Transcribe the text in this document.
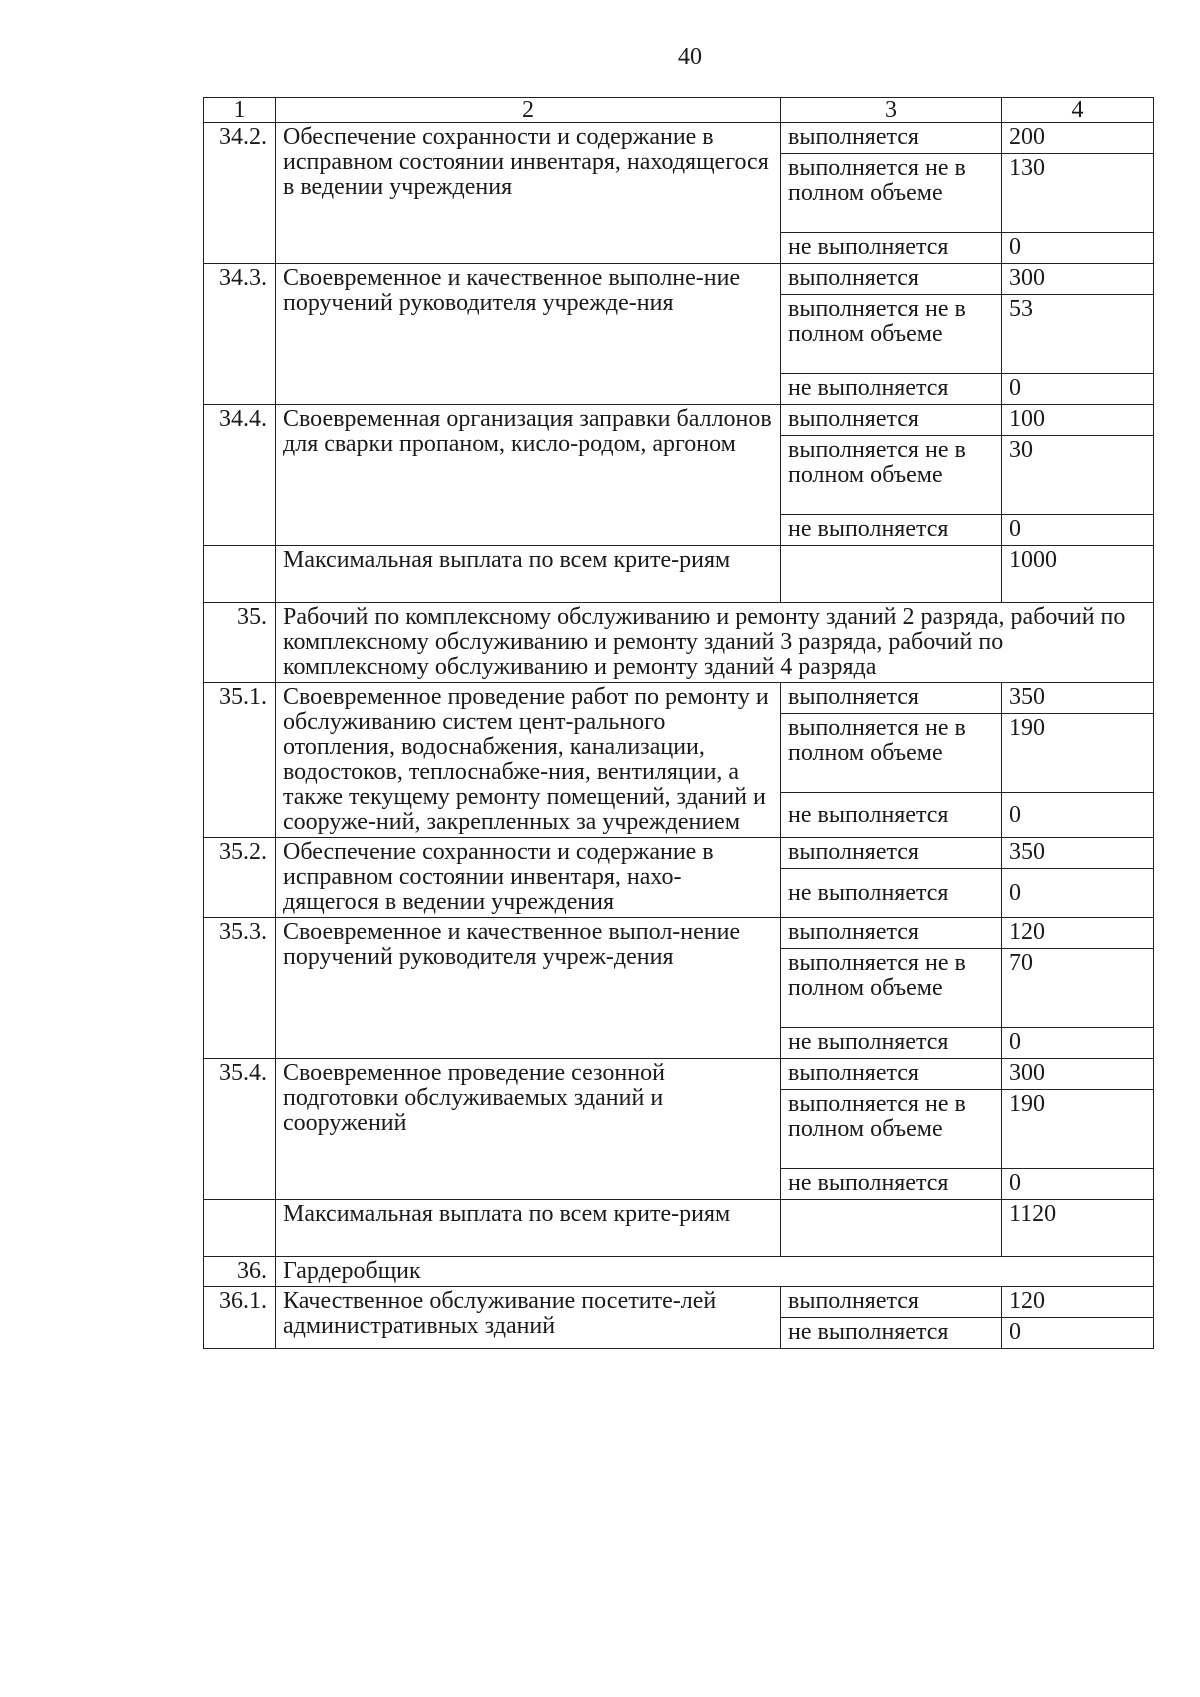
40
1	2	3	4
34.2.	Обеспечение сохранности и содержание в исправном состоянии инвентаря, находящегося в ведении учреждения	выполняется	200
		выполняется не в полном объеме	130
		не выполняется	0
34.3.	Своевременное и качественное выполне-ние поручений руководителя учрежде-ния	выполняется	300
		выполняется не в полном объеме	53
		не выполняется	0
34.4.	Своевременная организация заправки баллонов для сварки пропаном, кисло-родом, аргоном	выполняется	100
		выполняется не в полном объеме	30
		не выполняется	0
	Максимальная выплата по всем крите-риям		1000
35.	Рабочий по комплексному обслуживанию и ремонту зданий 2 разряда, рабочий по комплексному обслуживанию и ремонту зданий 3 разряда, рабочий по комплексному обслуживанию и ремонту зданий 4 разряда		
35.1.	Своевременное проведение работ по ремонту и обслуживанию систем цент-рального отопления, водоснабжения, канализации, водостоков, теплоснабже-ния, вентиляции, а также текущему ремонту помещений, зданий и сооруже-ний, закрепленных за учреждением	выполняется	350
		выполняется не в полном объеме	190
		не выполняется	0
35.2.	Обеспечение сохранности и содержание в исправном состоянии инвентаря, нахо-дящегося в ведении учреждения	выполняется	350
		не выполняется	0
35.3.	Своевременное и качественное выпол-нение поручений руководителя учреж-дения	выполняется	120
		выполняется не в полном объеме	70
		не выполняется	0
35.4.	Своевременное проведение сезонной подготовки обслуживаемых зданий и сооружений	выполняется	300
		выполняется не в полном объеме	190
		не выполняется	0
	Максимальная выплата по всем крите-риям		1120
36.	Гардеробщик		
36.1.	Качественное обслуживание посетите-лей административных зданий	выполняется	120
		не выполняется	0
